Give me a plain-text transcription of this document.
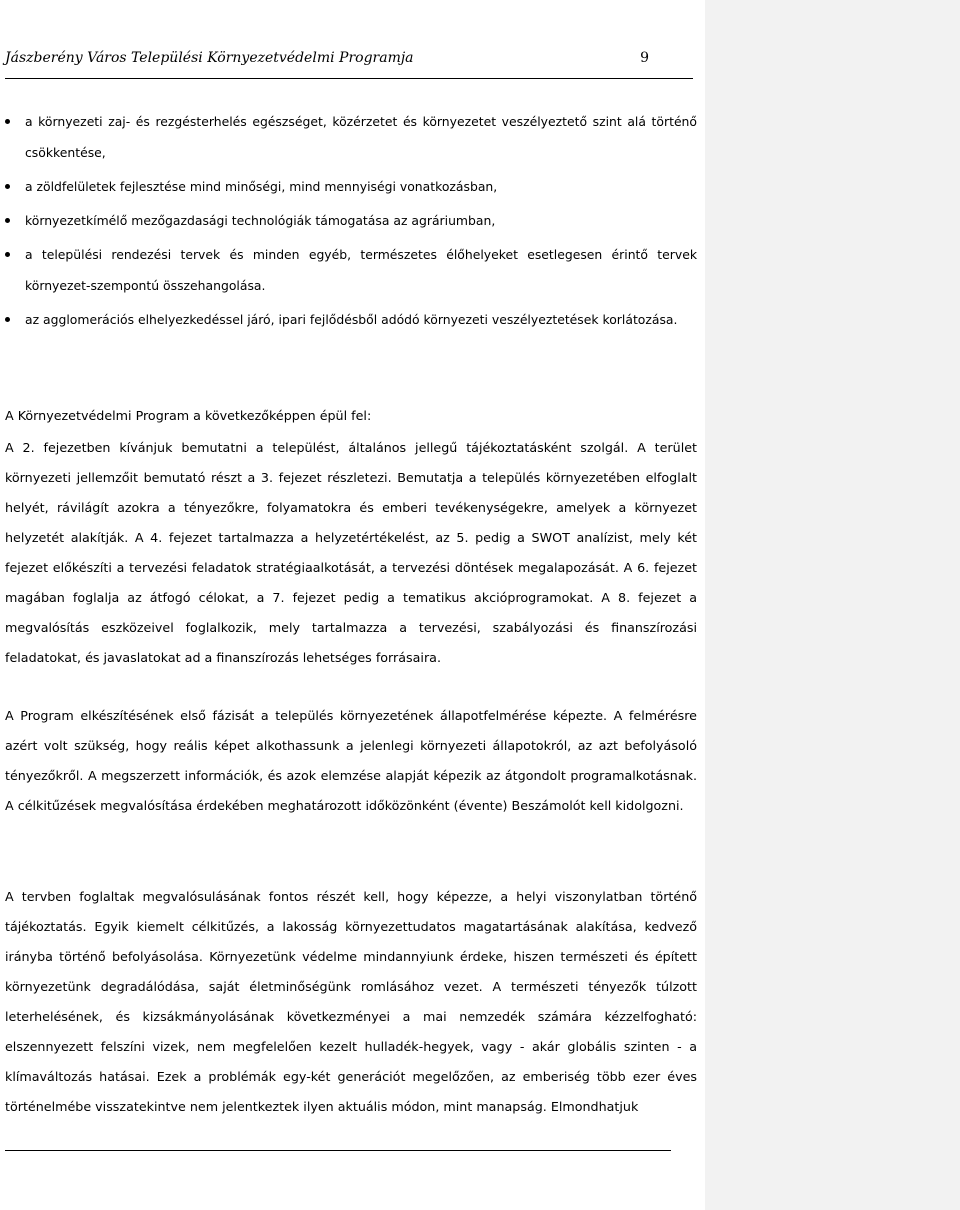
Jászberény Város Települési Környezetvédelmi Programja	9
a környezeti zaj- és rezgésterhelés egészséget, közérzetet és környezetet veszélyeztető szint alá történő csökkentése,
a zöldfelületek fejlesztése mind minőségi, mind mennyiségi vonatkozásban,
környezetkímélő mezőgazdasági technológiák támogatása az agráriumban,
a települési rendezési tervek és minden egyéb, természetes élőhelyeket esetlegesen érintő tervek környezet-szempontú összehangolása.
az agglomerációs elhelyezkedéssel járó, ipari fejlődésből adódó környezeti veszélyeztetések korlátozása.
A Környezetvédelmi Program a következőképpen épül fel:
A 2. fejezetben kívánjuk bemutatni a települést, általános jellegű tájékoztatásként szolgál. A terület környezeti jellemzőit bemutató részt a 3. fejezet részletezi. Bemutatja a település környezetében elfoglalt helyét, rávilágít azokra a tényezőkre, folyamatokra és emberi tevékenységekre, amelyek a környezet helyzetét alakítják. A 4. fejezet tartalmazza a helyzetértékelést, az 5. pedig a SWOT analízist, mely két fejezet előkészíti a tervezési feladatok stratégiaalkotását, a tervezési döntések megalapozását. A 6. fejezet magában foglalja az átfogó célokat, a 7. fejezet pedig a tematikus akcióprogramokat. A 8. fejezet a megvalósítás eszközeivel foglalkozik, mely tartalmazza a tervezési, szabályozási és finanszírozási feladatokat, és javaslatokat ad a finanszírozás lehetséges forrásaira.
A Program elkészítésének első fázisát a település környezetének állapotfelmérése képezte. A felmérésre azért volt szükség, hogy reális képet alkothassunk a jelenlegi környezeti állapotokról, az azt befolyásoló tényezőkről. A megszerzett információk, és azok elemzése alapját képezik az átgondolt programalkotásnak. A célkitűzések megvalósítása érdekében meghatározott időközönként (évente) Beszámolót kell kidolgozni.
A tervben foglaltak megvalósulásának fontos részét kell, hogy képezze, a helyi viszonylatban történő tájékoztatás. Egyik kiemelt célkitűzés, a lakosság környezettudatos magatartásának alakítása, kedvező irányba történő befolyásolása. Környezetünk védelme mindannyiunk érdeke, hiszen természeti és épített környezetünk degradálódása, saját életminőségünk romlásához vezet. A természeti tényezők túlzott leterhelésének, és kizsákmányolásának következményei a mai nemzedék számára kézzelfogható: elszennyezett felszíni vizek, nem megfelelően kezelt hulladék-hegyek, vagy - akár globális szinten - a klímaváltozás hatásai. Ezek a problémák egy-két generációt megelőzően, az emberiség több ezer éves történelmébe visszatekintve nem jelentkeztek ilyen aktuális módon, mint manapság. Elmondhatjuk
